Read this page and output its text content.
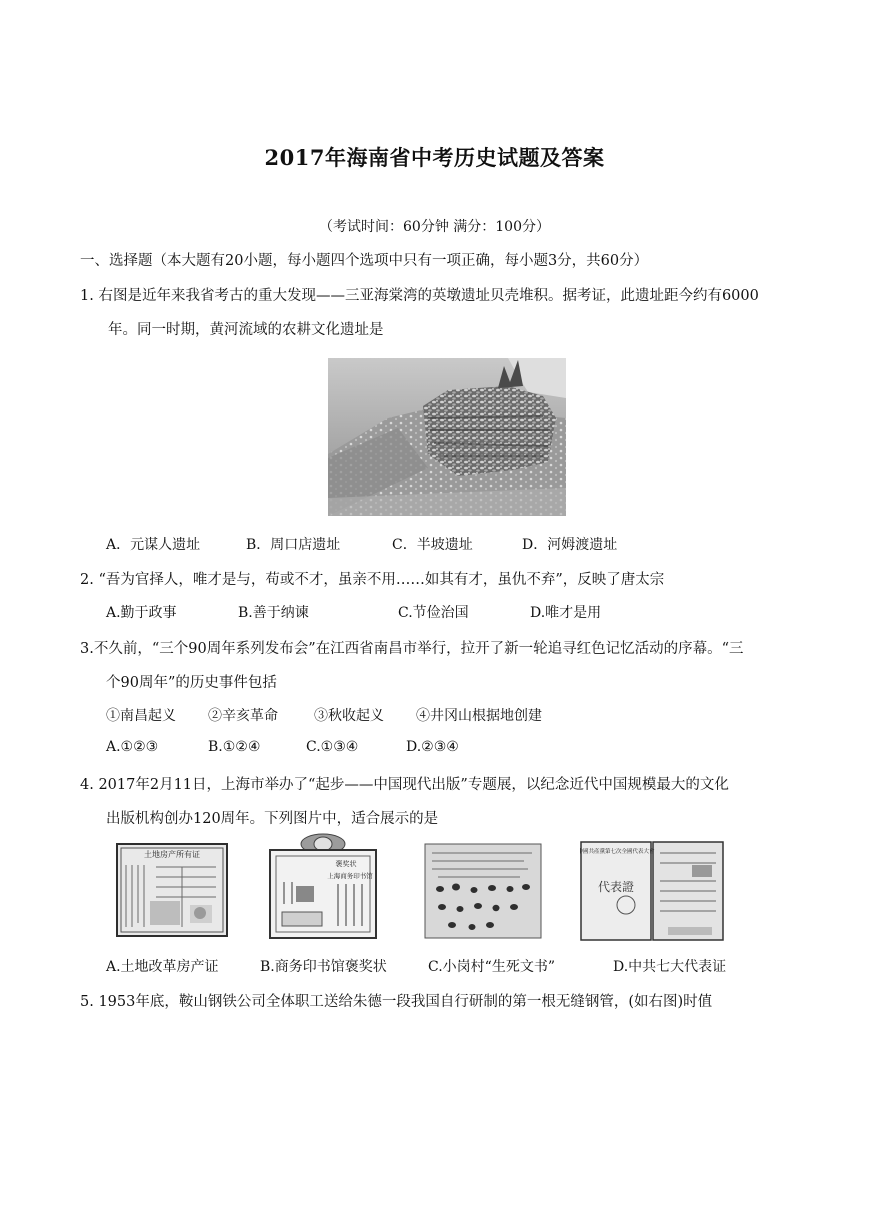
2017年海南省中考历史试题及答案
（考试时间：60分钟 满分：100分）
一、选择题（本大题有20小题，每小题四个选项中只有一项正确，每小题3分，共60分）
1. 右图是近年来我省考古的重大发现——三亚海棠湾的英墩遗址贝壳堆积。据考证，此遗址距今约有6000
年。同一时期，黄河流域的农耕文化遗址是
A．元谋人遗址	B．周口店遗址	C．半坡遗址	D．河姆渡遗址
2. “吾为官择人，唯才是与，苟或不才，虽亲不用……如其有才，虽仇不弃”，反映了唐太宗
A.勤于政事	B.善于纳谏	C.节俭治国	D.唯才是用
3.不久前，“三个90周年系列发布会”在江西省南昌市举行，拉开了新一轮追寻红色记忆活动的序幕。“三
个90周年”的历史事件包括
①南昌起义 ②辛亥革命	③秋收起义 ④井冈山根据地创建
A.①②③	B.①②④	C.①③④	D.②③④
4. 2017年2月11日，上海市举办了“起步——中国现代出版”专题展，以纪念近代中国规模最大的文化
出版机构创办120周年。下列图片中，适合展示的是
土地房产所有证
褒奖状
上海商务印书馆
中國共產黨第七次全國代表大會
代表證
A.土地改革房产证	B.商务印书馆褒奖状	C.小岗村“生死文书”	D.中共七大代表证
5. 1953年底，鞍山钢铁公司全体职工送给朱德一段我国自行研制的第一根无缝钢管，(如右图)时值
